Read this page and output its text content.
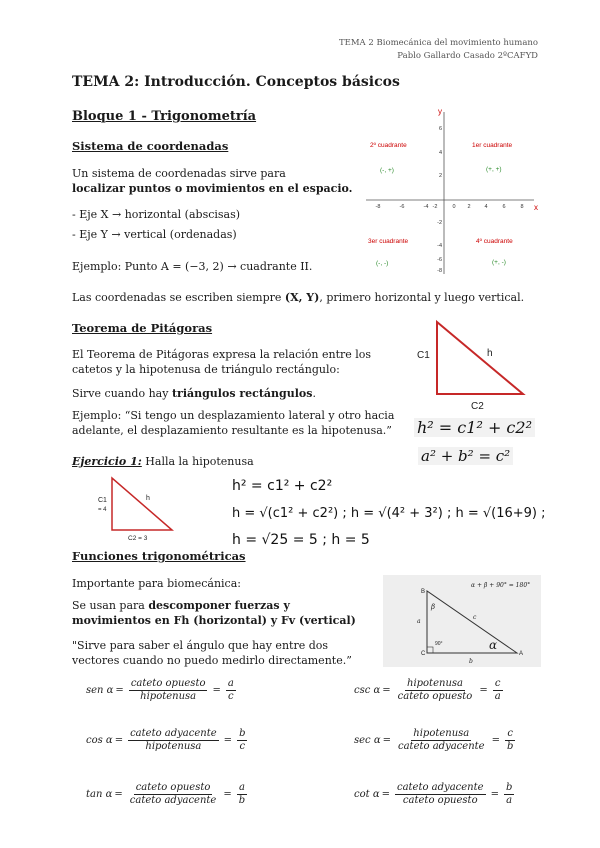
TEMA 2 Biomecánica del movimiento humano
Pablo Gallardo Casado 2ºCAFYD
TEMA 2: Introducción. Conceptos básicos
Bloque 1 - Trigonometría
Sistema de coordenadas
Un sistema de coordenadas sirve para
localizar puntos o movimientos en el espacio.
- Eje X → horizontal (abscisas)
- Eje Y → vertical (ordenadas)
Ejemplo: Punto A = (−3, 2) → cuadrante II.
Las coordenadas se escriben siempre (X, Y), primero horizontal y luego vertical.
y
x
-8	-6	-4 -2	0 2	4	6	8
6
4
2
-2
-4
-6
-8
2º cuadrante
(-, +)
1er cuadrante
(+, +)
3er cuadrante
(-, -)
4º cuadrante
(+, -)
Teorema de Pitágoras
El Teorema de Pitágoras expresa la relación entre los
catetos y la hipotenusa de triángulo rectángulo:
Sirve cuando hay triángulos rectángulos.
Ejemplo: “Si tengo un desplazamiento lateral y otro hacia
adelante, el desplazamiento resultante es la hipotenusa.”
C1	h
C2
h² = c1² + c2²
a² + b² = c²
Ejercicio 1: Halla la hipotenusa
C1
= 4
h
C2 = 3
h² = c1² + c2²
h = √(c1² + c2²) ; h = √(4² + 3²) ; h = √(16+9) ;
h = √25 = 5 ; h = 5
Funciones trigonométricas
Importante para biomecánica:
Se usan para descomponer fuerzas y
movimientos en Fh (horizontal) y Fv (vertical)
"Sirve para saber el ángulo que hay entre dos
vectores cuando no puedo medirlo directamente.”
α + β + 90° = 180°
B
A
C
a
b
c
β
α
90°
sen α =
cateto opuesto
hipotenusa
= $\frac{a}{c}$
cos α =
cateto adyacente
hipotenusa
= $\frac{b}{c}$
tan α =
cateto opuesto
cateto adyacente
= $\frac{a}{b}$
csc α =
hipotenusa
cateto opuesto
= $\frac{c}{a}$
sec α =
hipotenusa
cateto adyacente
= $\frac{c}{b}$
cot α =
cateto adyacente
cateto opuesto
= $\frac{b}{a}$
